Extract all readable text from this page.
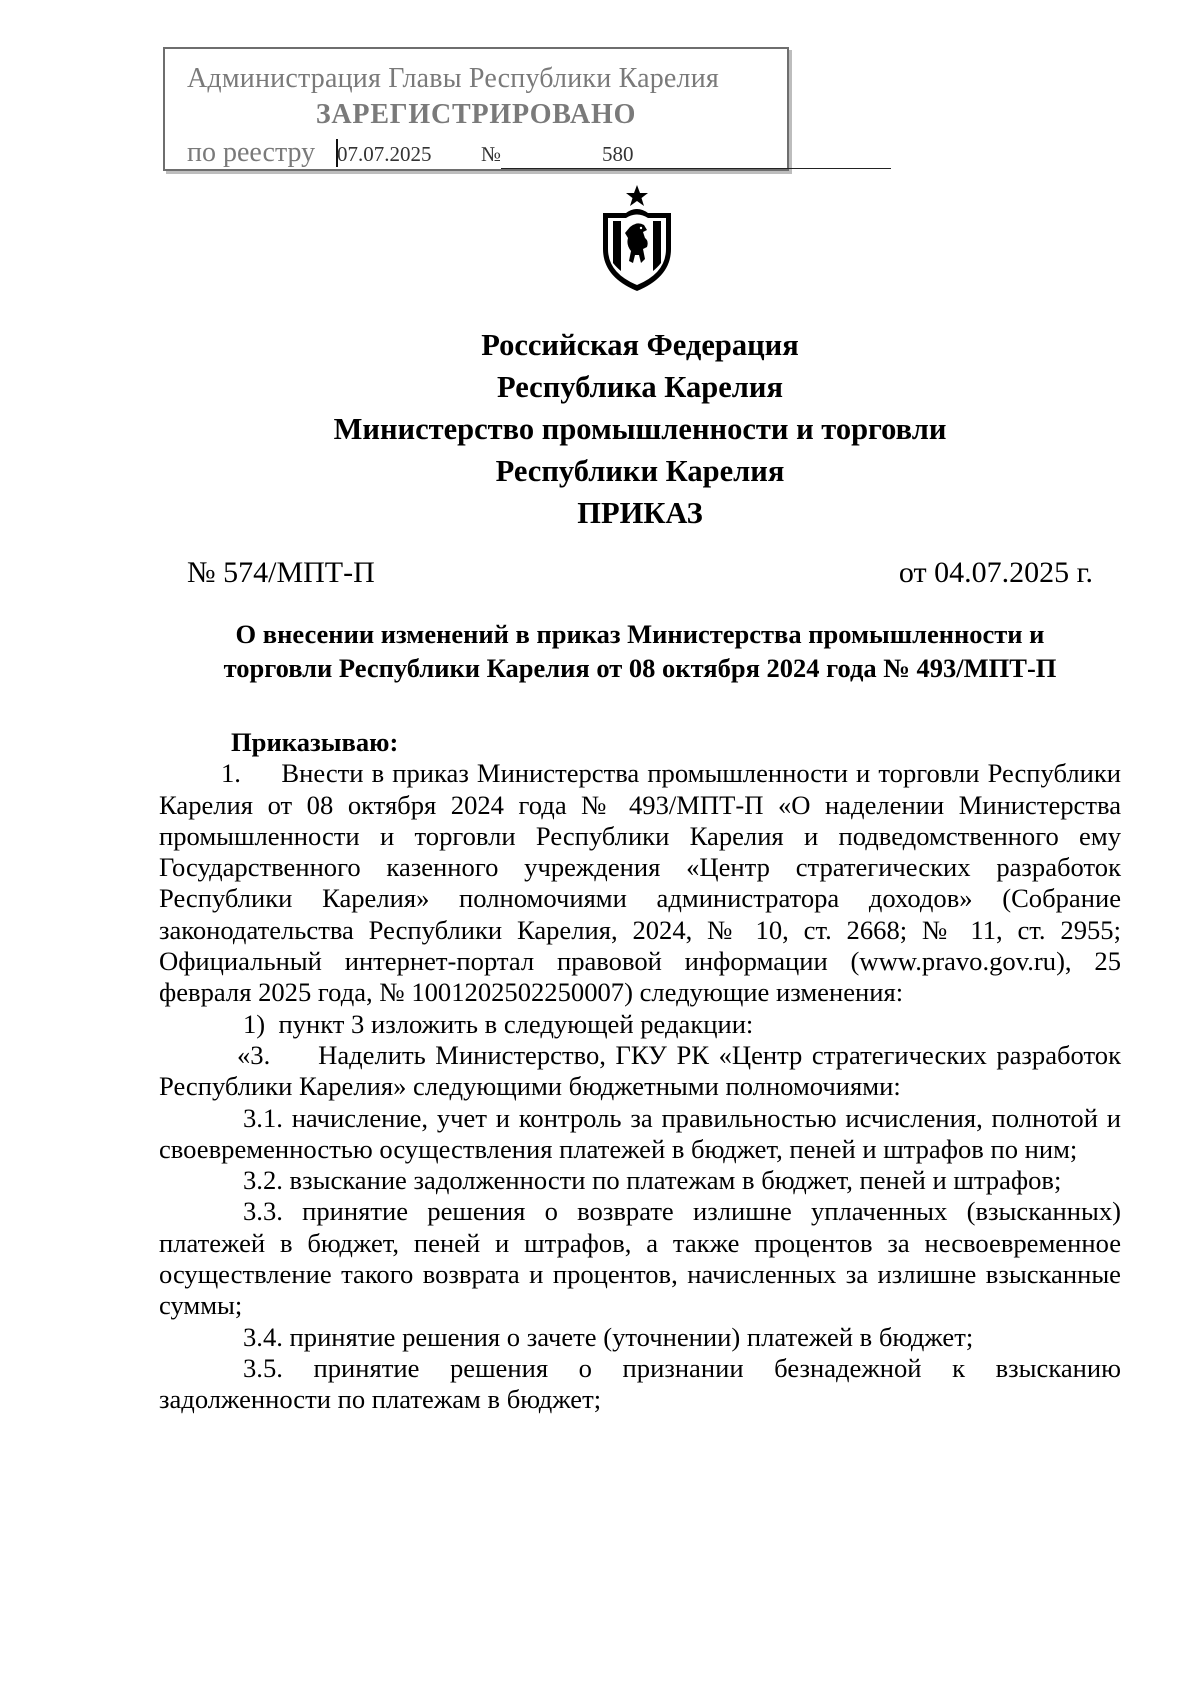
Администрация Главы Республики Карелия
ЗАРЕГИСТРИРОВАНО
по реестру 07.07.2025 №	580
Российская Федерация
Республика Карелия
Министерство промышленности и торговли
Республики Карелия
ПРИКАЗ
№ 574/МПТ-П	от 04.07.2025 г.
О внесении изменений в приказ Министерства промышленности и
торговли Республики Карелия от 08 октября 2024 года № 493/МПТ-П

Приказываю:

1.     Внести в приказ Министерства промышленности и торговли Республики Карелия от 08 октября 2024 года № 493/МПТ-П «О наделении Министерства промышленности и торговли Республики Карелия и подведомственного ему Государственного казенного учреждения «Центр стратегических разработок Республики Карелия» полномочиями администратора доходов» (Собрание законодательства Республики Карелия, 2024, № 10, ст. 2668; № 11, ст. 2955; Официальный интернет-портал правовой информации (www.pravo.gov.ru), 25 февраля 2025 года, № 1001202502250007) следующие изменения:

1)  пункт 3 изложить в следующей редакции:

«3.     Наделить Министерство, ГКУ РК «Центр стратегических разработок Республики Карелия» следующими бюджетными полномочиями:

3.1. начисление, учет и контроль за правильностью исчисления, полнотой и своевременностью осуществления платежей в бюджет, пеней и штрафов по ним;

3.2. взыскание задолженности по платежам в бюджет, пеней и штрафов;

3.3. принятие решения о возврате излишне уплаченных (взысканных) платежей в бюджет, пеней и штрафов, а также процентов за несвоевременное осуществление такого возврата и процентов, начисленных за излишне взысканные суммы;

3.4. принятие решения о зачете (уточнении) платежей в бюджет;

3.5. принятие решения о признании безнадежной к взысканию задолженности по платежам в бюджет;
